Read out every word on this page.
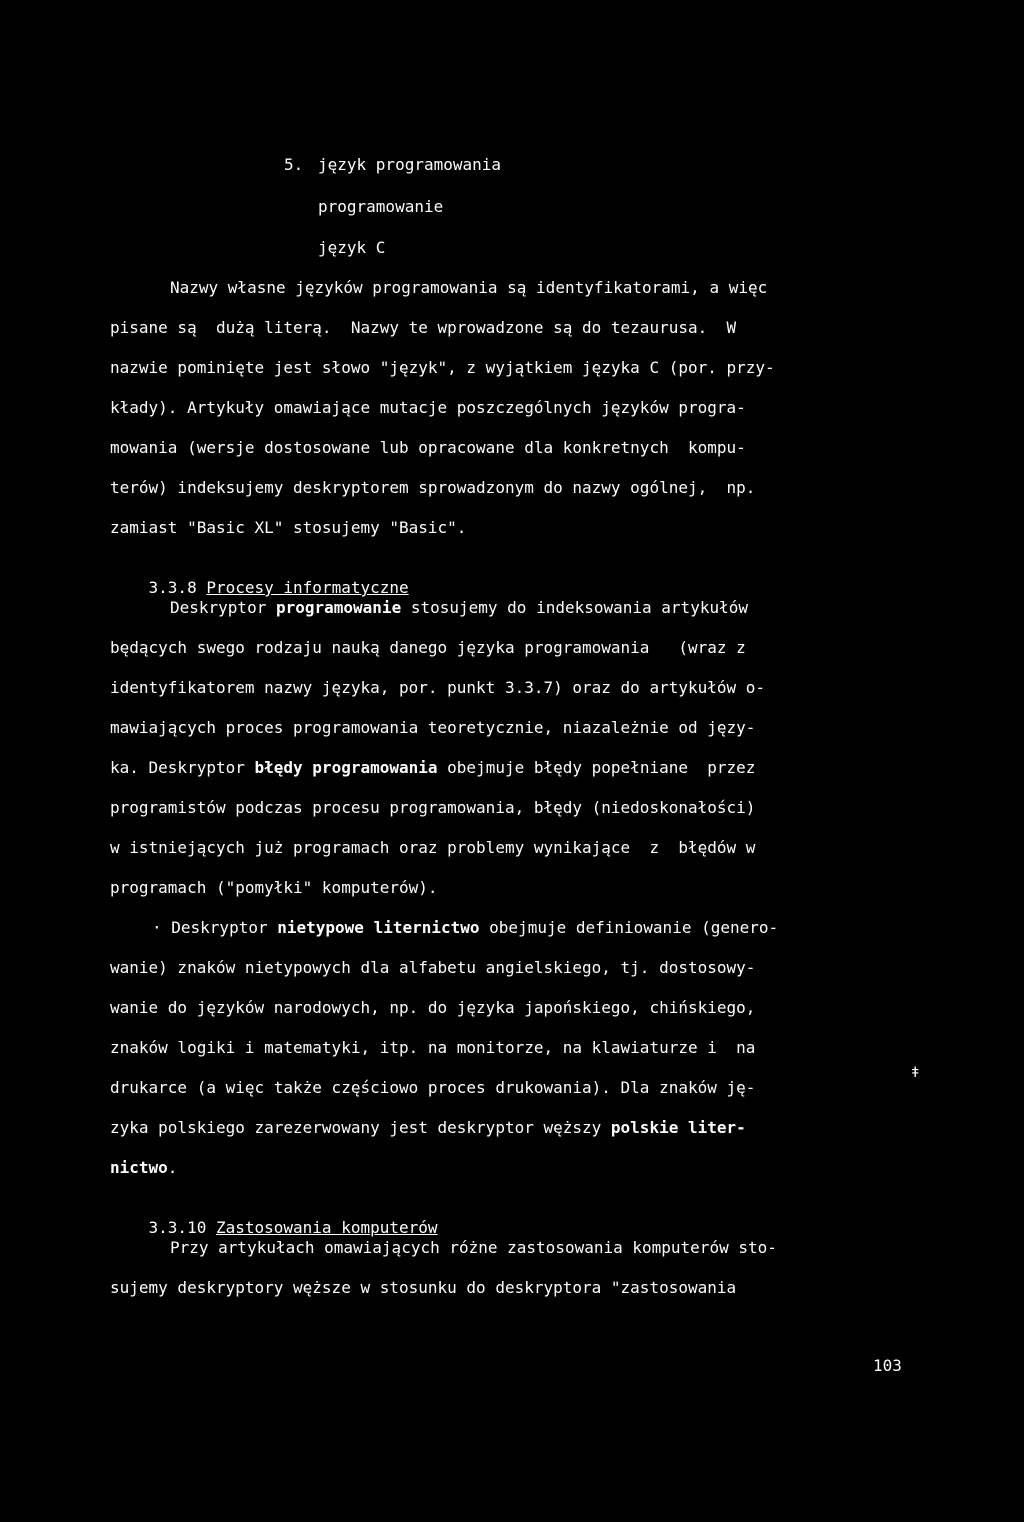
5. język programowania
programowanie
język C
Nazwy własne języków programowania są identyfikatorami, a więc
pisane są  dużą literą.  Nazwy te wprowadzone są do tezaurusa.  W
nazwie pominięte jest słowo "język", z wyjątkiem języka C (por. przy-
kłady). Artykuły omawiające mutacje poszczególnych języków progra-
mowania (wersje dostosowane lub opracowane dla konkretnych  kompu-
terów) indeksujemy deskryptorem sprowadzonym do nazwy ogólnej,  np.
zamiast "Basic XL" stosujemy "Basic".

3.3.8 Procesy informatyczne

Deskryptor programowanie stosujemy do indeksowania artykułów
będących swego rodzaju nauką danego języka programowania   (wraz z
identyfikatorem nazwy języka, por. punkt 3.3.7) oraz do artykułów o-
mawiających proces programowania teoretycznie, niazależnie od języ-
ka. Deskryptor błędy programowania obejmuje błędy popełniane  przez
programistów podczas procesu programowania, błędy (niedoskonałości)
w istniejących już programach oraz problemy wynikające  z  błędów w
programach ("pomyłki" komputerów).
· Deskryptor nietypowe liternictwo obejmuje definiowanie (genero-
wanie) znaków nietypowych dla alfabetu angielskiego, tj. dostosowy-
wanie do języków narodowych, np. do języka japońskiego, chińskiego,
znaków logiki i matematyki, itp. na monitorze, na klawiaturze i  na
drukarce (a więc także częściowo proces drukowania). Dla znaków ję-
zyka polskiego zarezerwowany jest deskryptor węższy polskie liter-
nictwo.
ǂ

3.3.10 Zastosowania komputerów

Przy artykułach omawiających różne zastosowania komputerów sto-
sujemy deskryptory węższe w stosunku do deskryptora "zastosowania
103
